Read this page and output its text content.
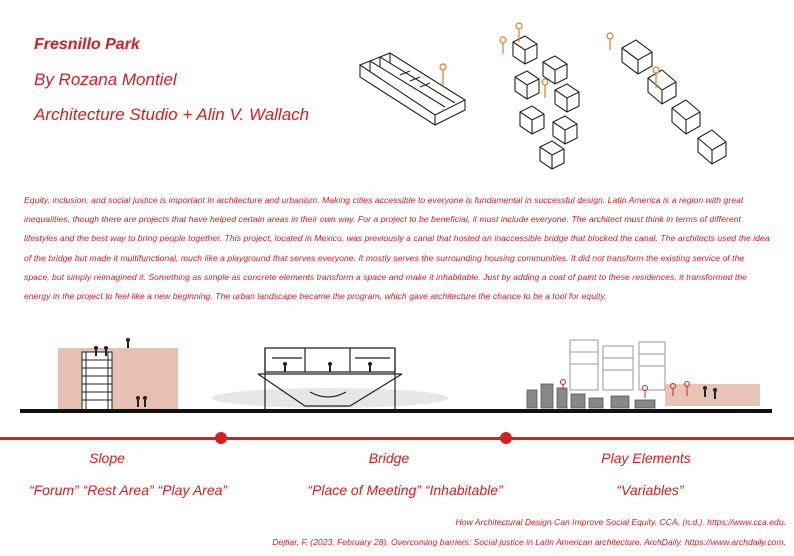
Fresnillo Park
By Rozana Montiel
Architecture Studio + Alin V. Wallach
Equity, inclusion, and social justice is important in architecture and urbanism. Making cities accessible to everyone is fundamental in successful design. Latin America is a region with great inequalities, though there are projects that have helped certain areas in their own way. For a project to be beneficial, it must include everyone. The architect must think in terms of different lifestyles and the best way to bring people together. This project, located in Mexico, was previously a canal that hosted an inaccessible bridge that blocked the canal. The architects used the idea of the bridge but made it multifunctional, much like a playground that serves everyone. It mostly serves the surrounding housing communities. It did not transform the existing service of the space, but simply reimagined it. Something as simple as concrete elements transform a space and make it inhabitable. Just by adding a coat of paint to these residences, it transformed the energy in the project to feel like a new beginning. The urban landscape became the program, which gave architecture the chance to be a tool for equity.
Slope	Bridge	Play Elements
“Forum” “Rest Area” “Play Area”	“Place of Meeting” “Inhabitable”	“Variables”
How Architectural Design Can Improve Social Equity. CCA. (n.d.). https://www.cca.edu.
Dejtiar, F. (2023, February 28). Overcoming barriers: Social justice in Latin American architecture. ArchDaily. https://www.archdaily.com.
